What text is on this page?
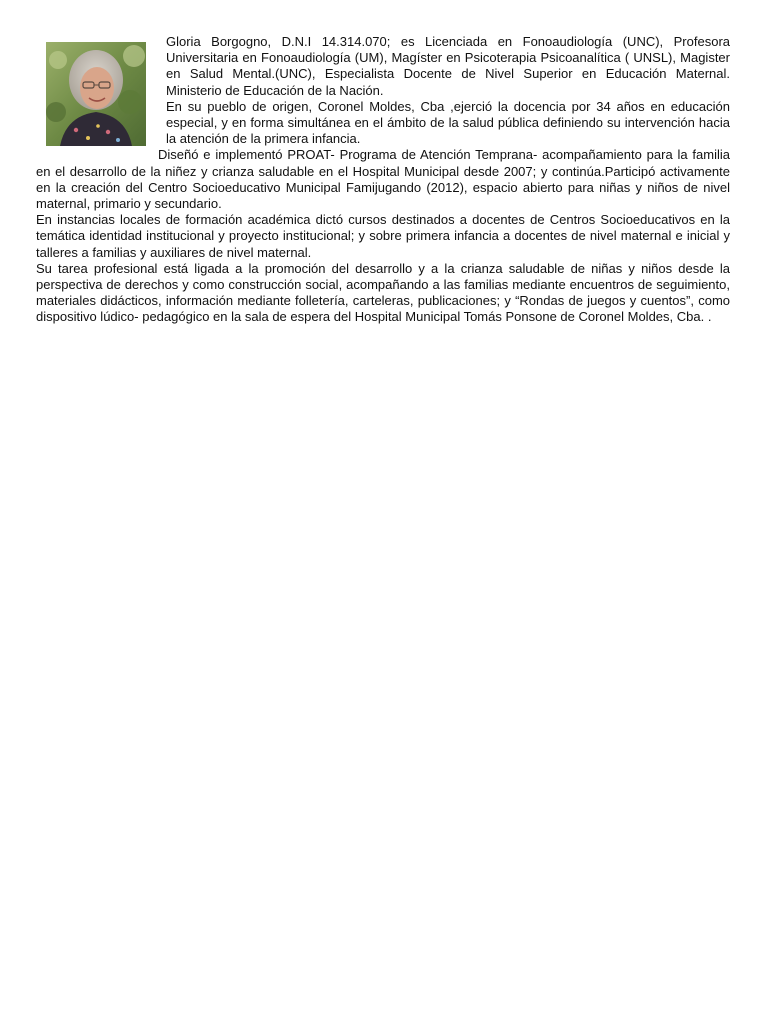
Gloria Borgogno, D.N.I 14.314.070; es Licenciada en Fonoaudiología (UNC), Profesora Universitaria en Fonoaudiología (UM), Magíster en Psicoterapia Psicoanalítica ( UNSL), Magister en Salud Mental.(UNC), Especialista Docente de Nivel Superior en Educación Maternal. Ministerio de Educación de la Nación.

En su pueblo de origen, Coronel Moldes, Cba ,ejerció la docencia por 34 años en educación especial, y en forma simultánea en el ámbito de la salud pública definiendo su intervención hacia la atención de la primera infancia.

Diseñó e implementó PROAT- Programa de Atención Temprana- acompañamiento para la familia en el desarrollo de la niñez y crianza saludable en el Hospital Municipal desde 2007; y continúa.Participó activamente en la creación del Centro Socioeducativo Municipal Famijugando (2012), espacio abierto para niñas y niños de nivel maternal, primario y secundario.

En instancias locales de formación académica dictó cursos destinados a docentes de Centros Socioeducativos en la temática identidad institucional y proyecto institucional; y sobre primera infancia a docentes de nivel maternal e inicial y talleres a familias y auxiliares de nivel maternal.

Su tarea profesional está ligada a la promoción del desarrollo y a la crianza saludable de niñas y niños desde la perspectiva de derechos y como construcción social, acompañando a las familias mediante encuentros de seguimiento, materiales didácticos, información mediante folletería, carteleras, publicaciones; y “Rondas de juegos y cuentos”, como dispositivo lúdico- pedagógico en la sala de espera del Hospital Municipal Tomás Ponsone de Coronel Moldes, Cba. .
